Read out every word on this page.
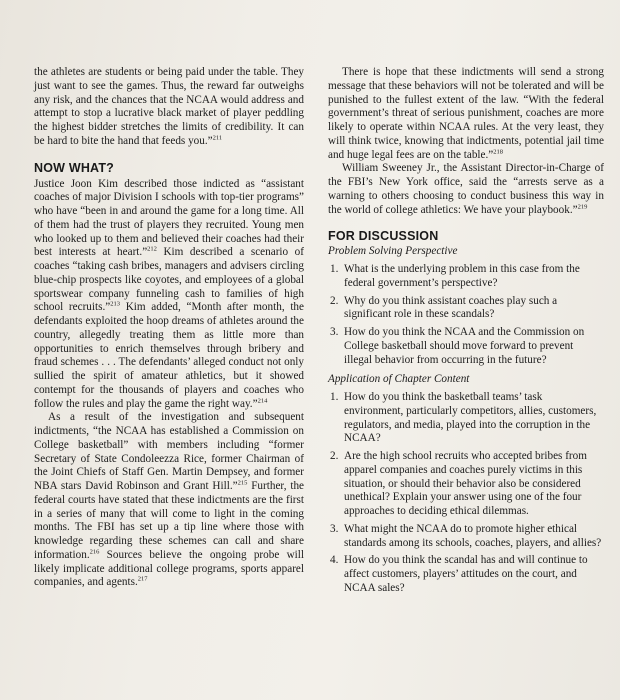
the athletes are students or being paid under the table. They just want to see the games. Thus, the reward far outweighs any risk, and the chances that the NCAA would address and attempt to stop a lucrative black market of player peddling the highest bidder stretches the limits of credibility. It can be hard to bite the hand that feeds you.”$^{211}$

NOW WHAT?

Justice Joon Kim described those indicted as “assistant coaches of major Division I schools with top-tier programs” who have “been in and around the game for a long time. All of them had the trust of players they recruited. Young men who looked up to them and believed their coaches had their best interests at heart.”$^{212}$ Kim described a scenario of coaches “taking cash bribes, managers and advisers circling blue-chip prospects like coyotes, and employees of a global sportswear company funneling cash to families of high school recruits.”$^{213}$ Kim added, “Month after month, the defendants exploited the hoop dreams of athletes around the country, allegedly treating them as little more than opportunities to enrich themselves through bribery and fraud schemes . . . The defendants’ alleged conduct not only sullied the spirit of amateur athletics, but it showed contempt for the thousands of players and coaches who follow the rules and play the game the right way.”$^{214}$

As a result of the investigation and subsequent indictments, “the NCAA has established a Commission on College basketball” with members including “former Secretary of State Condoleezza Rice, former Chairman of the Joint Chiefs of Staff Gen. Martin Dempsey, and former NBA stars David Robinson and Grant Hill.”$^{215}$ Further, the federal courts have stated that these indictments are the first in a series of many that will come to light in the coming months. The FBI has set up a tip line where those with knowledge regarding these schemes can call and share information.$^{216}$ Sources believe the ongoing probe will likely implicate additional college programs, sports apparel companies, and agents.$^{217}$

There is hope that these indictments will send a strong message that these behaviors will not be tolerated and will be punished to the fullest extent of the law. “With the federal government’s threat of serious punishment, coaches are more likely to operate within NCAA rules. At the very least, they will think twice, knowing that indictments, potential jail time and huge legal fees are on the table.”$^{218}$

William Sweeney Jr., the Assistant Director-in-Charge of the FBI’s New York office, said the “arrests serve as a warning to others choosing to conduct business this way in the world of college athletics: We have your playbook.”$^{219}$

FOR DISCUSSION
Problem Solving Perspective
1. What is the underlying problem in this case from the federal government’s perspective?
2. Why do you think assistant coaches play such a significant role in these scandals?
3. How do you think the NCAA and the Commission on College basketball should move forward to prevent illegal behavior from occurring in the future?
Application of Chapter Content
1. How do you think the basketball teams’ task environment, particularly competitors, allies, customers, regulators, and media, played into the corruption in the NCAA?
2. Are the high school recruits who accepted bribes from apparel companies and coaches purely victims in this situation, or should their behavior also be considered unethical? Explain your answer using one of the four approaches to deciding ethical dilemmas.
3. What might the NCAA do to promote higher ethical standards among its schools, coaches, players, and allies?
4. How do you think the scandal has and will continue to affect customers, players’ attitudes on the court, and NCAA sales?
